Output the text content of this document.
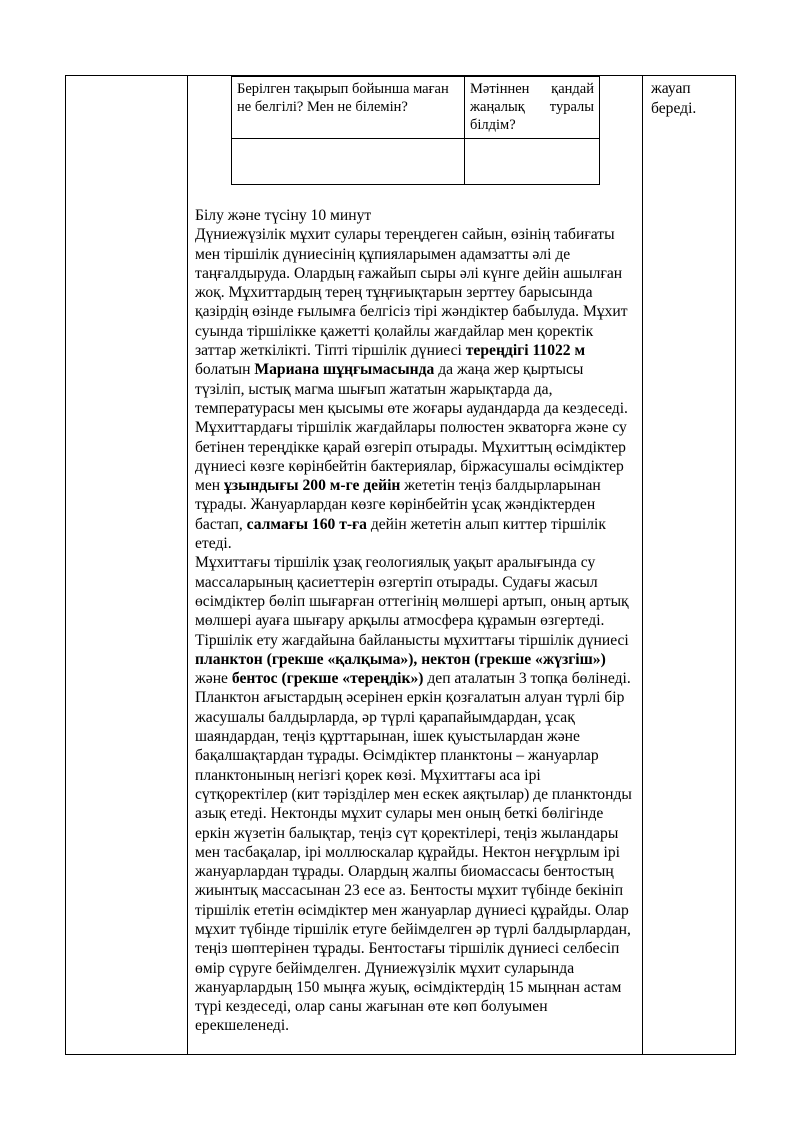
Берілген тақырып бойынша маған не белгілі? Мен не білемін?	Мәтіннен қандай
жаңалық туралы
білдім?

жауап
береді.

Білу және түсіну 10 минут

Дүниежүзілік мұхит сулары тереңдеген сайын, өзінің табиғаты мен тіршілік дүниесінің құпияларымен адамзатты әлі де таңғалдыруда. Олардың ғажайып сыры әлі күнге дейін ашылған жоқ. Мұхиттардың терең тұңғиықтарын зерттеу барысында қазірдің өзінде ғылымға белгісіз тірі жәндіктер бабылуда. Мұхит суында тіршілікке қажетті қолайлы жағдайлар мен қоректік заттар жеткілікті. Тіпті тіршілік дүниесі тереңдігі 11022 м болатын Мариана шұңғымасында да жаңа жер қыртысы түзіліп, ыстық магма шығып жататын жарықтарда да, температурасы мен қысымы өте жоғары аудандарда да кездеседі. Мұхиттардағы тіршілік жағдайлары полюстен экваторға және су бетінен тереңдікке қарай өзгеріп отырады. Мұхиттың өсімдіктер дүниесі көзге көрінбейтін бактериялар, біржасушалы өсімдіктер мен ұзындығы 200 м-ге дейін жететін теңіз балдырларынан тұрады. Жануарлардан көзге көрінбейтін ұсақ жәндіктерден бастап, салмағы 160 т-ға дейін жететін алып киттер тіршілік етеді.

Мұхиттағы тіршілік ұзақ геологиялық уақыт аралығында су массаларының қасиеттерін өзгертіп отырады. Судағы жасыл өсімдіктер бөліп шығарған оттегінің мөлшері артып, оның артық мөлшері ауаға шығару арқылы атмосфера құрамын өзгертеді. Тіршілік ету жағдайына байланысты мұхиттағы тіршілік дүниесі планктон (грекше «қалқыма»), нектон (грекше «жүзгіш») және бентос (грекше «тереңдік») деп аталатын 3 топқа бөлінеді.

Планктон ағыстардың әсерінен еркін қозғалатын алуан түрлі бір жасушалы балдырларда, әр түрлі қарапайымдардан, ұсақ шаяндардан, теңіз құрттарынан, ішек қуыстылардан және бақалшақтардан тұрады. Өсімдіктер планктоны – жануарлар планктонының негізгі қорек көзі. Мұхиттағы аса ірі сүтқоректілер (кит тәрізділер мен ескек аяқтылар) де планктонды азық етеді. Нектонды мұхит сулары мен оның беткі бөлігінде еркін жүзетін балықтар, теңіз сүт қоректілері, теңіз жыландары мен тасбақалар, ірі моллюскалар құрайды. Нектон неғұрлым ірі жануарлардан тұрады. Олардың жалпы биомассасы бентостың жиынтық массасынан 23 есе аз. Бентосты мұхит түбінде бекініп тіршілік ететін өсімдіктер мен жануарлар дүниесі құрайды. Олар мұхит түбінде тіршілік етуге бейімделген әр түрлі балдырлардан, теңіз шөптерінен тұрады. Бентостағы тіршілік дүниесі селбесіп өмір сүруге бейімделген. Дүниежүзілік мұхит суларында жануарлардың 150 мыңға жуық, өсімдіктердің 15 мыңнан астам түрі кездеседі, олар саны жағынан өте көп болуымен ерекшеленеді.
